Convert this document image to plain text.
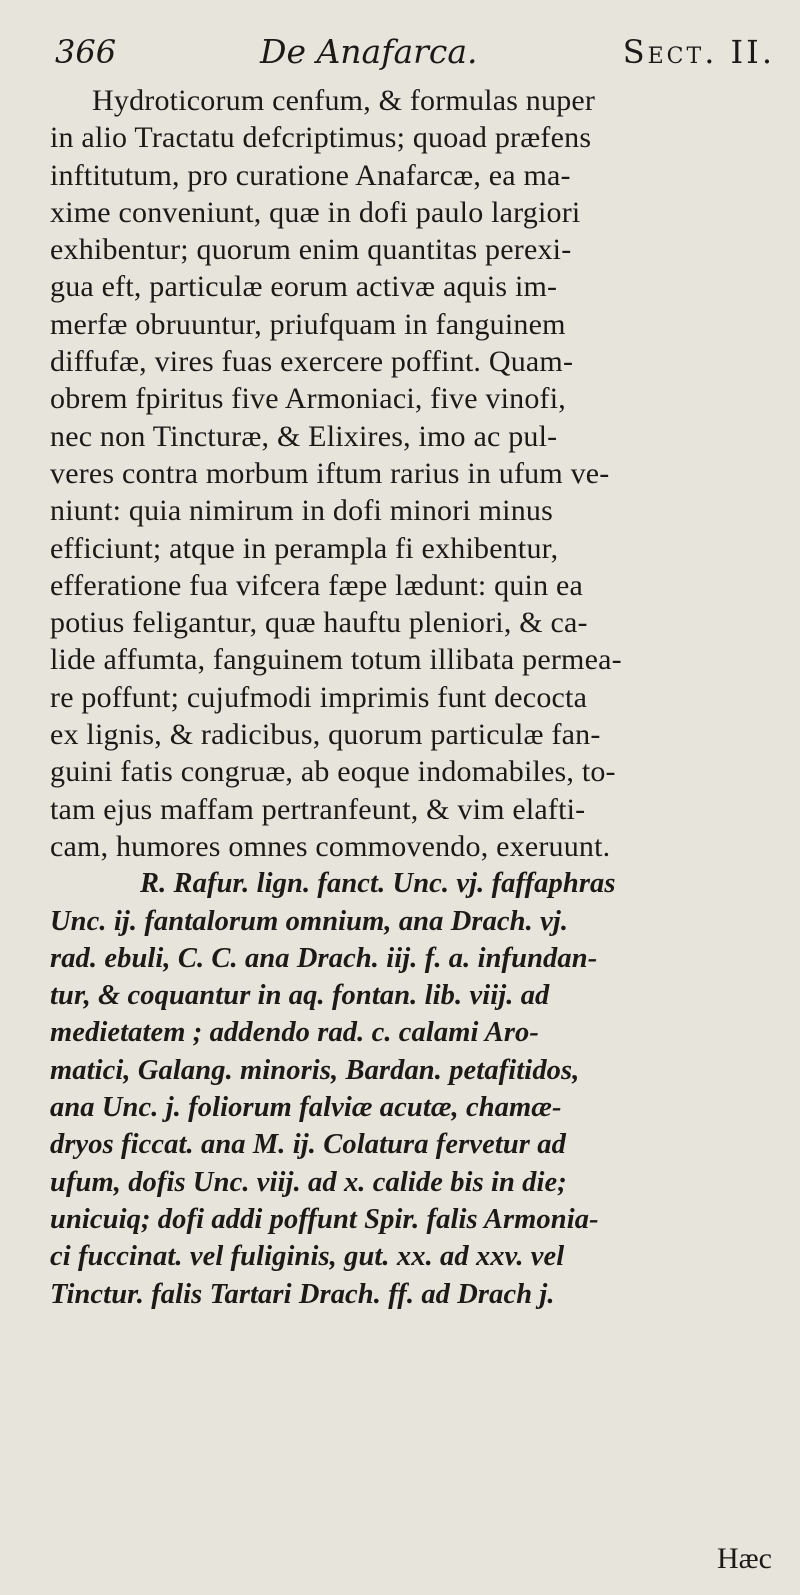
366	De Anafarca.	Sect. II.
Hydroticorum cenfum, & formulas nuper
in alio Tractatu defcriptimus; quoad præfens
inftitutum, pro curatione Anafarcæ, ea ma-
xime conveniunt, quæ in dofi paulo largiori
exhibentur; quorum enim quantitas perexi-
gua eft, particulæ eorum activæ aquis im-
merfæ obruuntur, priufquam in fanguinem
diffufæ, vires fuas exercere poffint. Quam-
obrem fpiritus five Armoniaci, five vinofi,
nec non Tincturæ, & Elixires, imo ac pul-
veres contra morbum iftum rarius in ufum ve-
niunt: quia nimirum in dofi minori minus
efficiunt; atque in perampla fi exhibentur,
efferatione fua vifcera fæpe lædunt: quin ea
potius feligantur, quæ hauftu pleniori, & ca-
lide affumta, fanguinem totum illibata permea-
re poffunt; cujufmodi imprimis funt decocta
ex lignis, & radicibus, quorum particulæ fan-
guini fatis congruæ, ab eoque indomabiles, to-
tam ejus maffam pertranfeunt, & vim elafti-
cam, humores omnes commovendo, exeruunt.
R. Rafur. lign. fanct. Unc. vj. faffaphras
Unc. ij. fantalorum omnium, ana Drach. vj.
rad. ebuli, C. C. ana Drach. iij. f. a. infundan-
tur, & coquantur in aq. fontan. lib. viij. ad
medietatem ; addendo rad. c. calami Aro-
matici, Galang. minoris, Bardan. petafitidos,
ana Unc. j. foliorum falviæ acutæ, chamæ-
dryos ficcat. ana M. ij. Colatura fervetur ad
ufum, dofis Unc. viij. ad x. calide bis in die;
unicuiq; dofi addi poffunt Spir. falis Armonia-
ci fuccinat. vel fuliginis, gut. xx. ad xxv. vel
Tinctur. falis Tartari Drach. ff. ad Drach j.
Hæc
